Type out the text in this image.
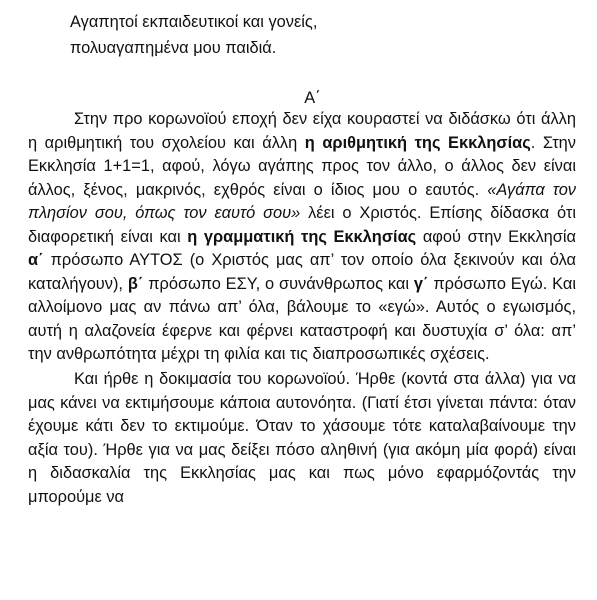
Αγαπητοί εκπαιδευτικοί και γονείς,

πολυαγαπημένα μου παιδιά.

Α΄

Στην προ κορωνοϊού εποχή δεν είχα κουραστεί να διδάσκω ότι άλλη η αριθμητική του σχολείου και άλλη η αριθμητική της Εκκλησίας. Στην Εκκλησία 1+1=1, αφού, λόγω αγάπης προς τον άλλο, ο άλλος δεν είναι άλλος, ξένος, μακρινός, εχθρός είναι ο ίδιος μου ο εαυτός. «Αγάπα τον πλησίον σου, όπως τον εαυτό σου» λέει ο Χριστός. Επίσης δίδασκα ότι διαφορετική είναι και η γραμματική της Εκκλησίας αφού στην Εκκλησία α΄ πρόσωπο ΑΥΤΟΣ (ο Χριστός μας απ’ τον οποίο όλα ξεκινούν και όλα καταλήγουν), β΄ πρόσωπο ΕΣΥ, ο συνάνθρωπος και γ΄ πρόσωπο Εγώ. Και αλλοίμονο μας αν πάνω απ’ όλα, βάλουμε το «εγώ». Αυτός ο εγωισμός, αυτή η αλαζονεία έφερνε και φέρνει καταστροφή και δυστυχία σ’ όλα: απ’ την ανθρωπότητα μέχρι τη φιλία και τις διαπροσωπικές σχέσεις.

Και ήρθε η δοκιμασία του κορωνοϊού. Ήρθε (κοντά στα άλλα) για να μας κάνει να εκτιμήσουμε κάποια αυτονόητα. (Γιατί έτσι γίνεται πάντα: όταν έχουμε κάτι δεν το εκτιμούμε. Όταν το χάσουμε τότε καταλαβαίνουμε την αξία του). Ήρθε για να μας δείξει πόσο αληθινή (για ακόμη μία φορά) είναι η διδασκαλία της Εκκλησίας μας και πως μόνο εφαρμόζοντάς την μπορούμε να
